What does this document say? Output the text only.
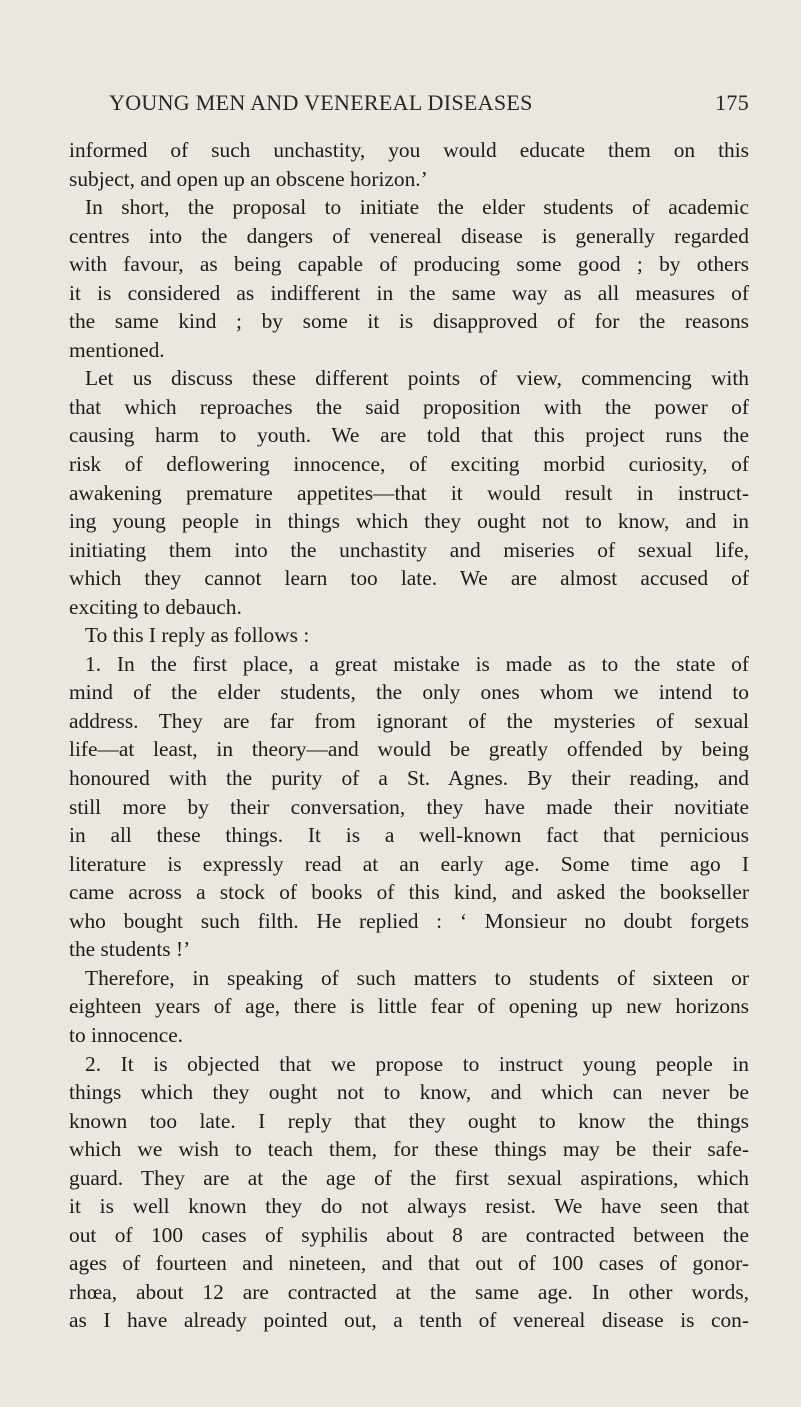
YOUNG MEN AND VENEREAL DISEASES	175
informed of such unchastity, you would educate them on this
subject, and open up an obscene horizon.’
In short, the proposal to initiate the elder students of academic
centres into the dangers of venereal disease is generally regarded
with favour, as being capable of producing some good ; by others
it is considered as indifferent in the same way as all measures of
the same kind ; by some it is disapproved of for the reasons
mentioned.
Let us discuss these different points of view, commencing with
that which reproaches the said proposition with the power of
causing harm to youth. We are told that this project runs the
risk of deflowering innocence, of exciting morbid curiosity, of
awakening premature appetites—that it would result in instruct-
ing young people in things which they ought not to know, and in
initiating them into the unchastity and miseries of sexual life,
which they cannot learn too late. We are almost accused of
exciting to debauch.
To this I reply as follows :
1. In the first place, a great mistake is made as to the state of
mind of the elder students, the only ones whom we intend to
address. They are far from ignorant of the mysteries of sexual
life—at least, in theory—and would be greatly offended by being
honoured with the purity of a St. Agnes. By their reading, and
still more by their conversation, they have made their novitiate
in all these things. It is a well-known fact that pernicious
literature is expressly read at an early age. Some time ago I
came across a stock of books of this kind, and asked the bookseller
who bought such filth. He replied : ‘ Monsieur no doubt forgets
the students !’
Therefore, in speaking of such matters to students of sixteen or
eighteen years of age, there is little fear of opening up new horizons
to innocence.
2. It is objected that we propose to instruct young people in
things which they ought not to know, and which can never be
known too late. I reply that they ought to know the things
which we wish to teach them, for these things may be their safe-
guard. They are at the age of the first sexual aspirations, which
it is well known they do not always resist. We have seen that
out of 100 cases of syphilis about 8 are contracted between the
ages of fourteen and nineteen, and that out of 100 cases of gonor-
rhœa, about 12 are contracted at the same age. In other words,
as I have already pointed out, a tenth of venereal disease is con-
